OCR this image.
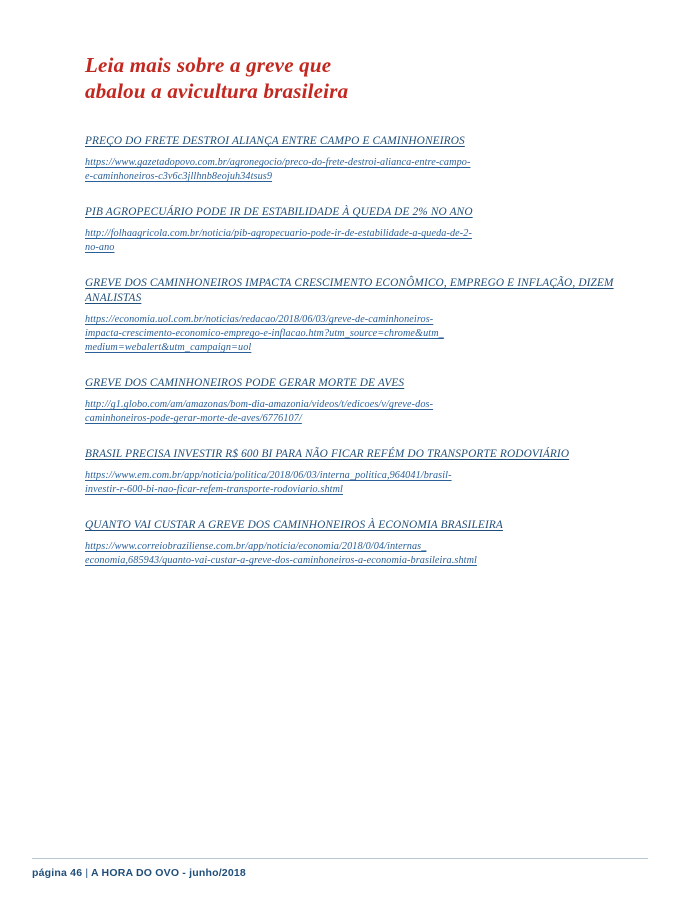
Leia mais sobre a greve que
abalou a avicultura brasileira
PREÇO DO FRETE DESTROI ALIANÇA ENTRE CAMPO E CAMINHONEIROS
https://www.gazetadopovo.com.br/agronegocio/preco-do-frete-destroi-alianca-entre-campo-
e-caminhoneiros-c3v6c3jllhnb8eojuh34tsus9
PIB AGROPECUÁRIO PODE IR DE ESTABILIDADE À QUEDA DE 2% NO ANO
http://folhaagricola.com.br/noticia/pib-agropecuario-pode-ir-de-estabilidade-a-queda-de-2-
no-ano
GREVE DOS CAMINHONEIROS IMPACTA CRESCIMENTO ECONÔMICO, EMPREGO E INFLAÇÃO, DIZEM ANALISTAS
https://economia.uol.com.br/noticias/redacao/2018/06/03/greve-de-caminhoneiros-
impacta-crescimento-economico-emprego-e-inflacao.htm?utm_source=chrome&utm_
medium=webalert&utm_campaign=uol
GREVE DOS CAMINHONEIROS PODE GERAR MORTE DE AVES
http://g1.globo.com/am/amazonas/bom-dia-amazonia/videos/t/edicoes/v/greve-dos-
caminhoneiros-pode-gerar-morte-de-aves/6776107/
BRASIL PRECISA INVESTIR R$ 600 BI PARA NÃO FICAR REFÉM DO TRANSPORTE RODOVIÁRIO
https://www.em.com.br/app/noticia/politica/2018/06/03/interna_politica,964041/brasil-
investir-r-600-bi-nao-ficar-refem-transporte-rodoviario.shtml
QUANTO VAI CUSTAR A GREVE DOS CAMINHONEIROS À ECONOMIA BRASILEIRA
https://www.correiobraziliense.com.br/app/noticia/economia/2018/0/04/internas_
economia,685943/quanto-vai-custar-a-greve-dos-caminhoneiros-a-economia-brasileira.shtml
página 46 | A HORA DO OVO - junho/2018
